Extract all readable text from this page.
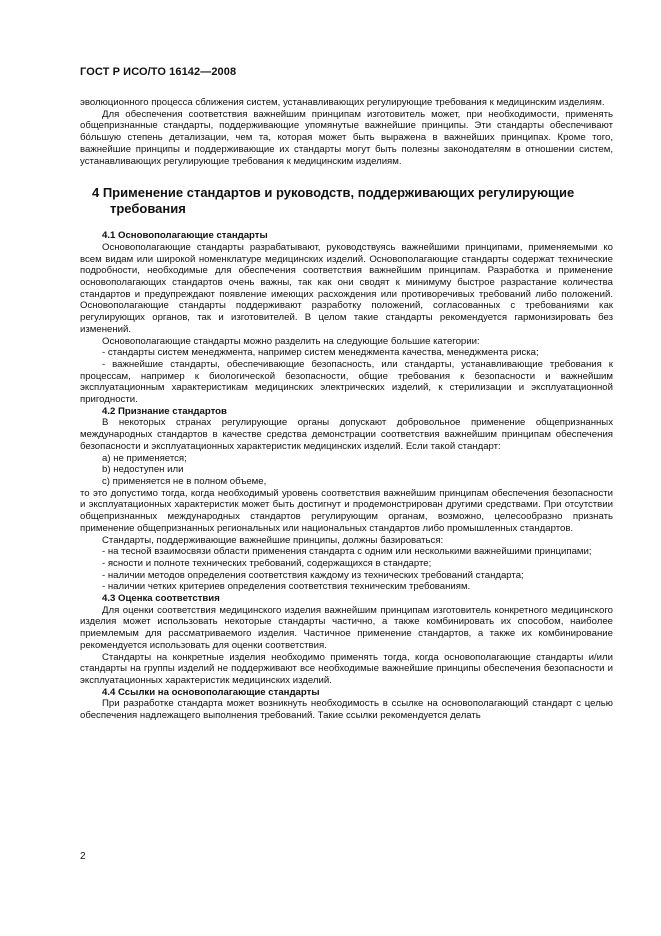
ГОСТ Р ИСО/ТО 16142—2008

эволюционного процесса сближения систем, устанавливающих регулирующие требования к медицинским изделиям.

Для обеспечения соответствия важнейшим принципам изготовитель может, при необходимости, применять общепризнанные стандарты, поддерживающие упомянутые важнейшие принципы. Эти стандарты обеспечивают бо́льшую степень детализации, чем та, которая может быть выражена в важнейших принципах. Кроме того, важнейшие принципы и поддерживающие их стандарты могут быть полезны законодателям в отношении систем, устанавливающих регулирующие требования к медицинским изделиям.

4 Применение стандартов и руководств, поддерживающих регулирующие требования

4.1 Основополагающие стандарты

Основополагающие стандарты разрабатывают, руководствуясь важнейшими принципами, применяемыми ко всем видам или широкой номенклатуре медицинских изделий. Основополагающие стандарты содержат технические подробности, необходимые для обеспечения соответствия важнейшим принципам. Разработка и применение основополагающих стандартов очень важны, так как они сводят к минимуму быстрое разрастание количества стандартов и предупреждают появление имеющих расхождения или противоречивых требований либо положений. Основополагающие стандарты поддерживают разработку положений, согласованных с требованиями как регулирующих органов, так и изготовителей. В целом такие стандарты рекомендуется гармонизировать без изменений.

Основополагающие стандарты можно разделить на следующие большие категории:

- стандарты систем менеджмента, например систем менеджмента качества, менеджмента риска;

- важнейшие стандарты, обеспечивающие безопасность, или стандарты, устанавливающие требования к процессам, например к биологической безопасности, общие требования к безопасности и важнейшим эксплуатационным характеристикам медицинских электрических изделий, к стерилизации и эксплуатационной пригодности.

4.2 Признание стандартов

В некоторых странах регулирующие органы допускают добровольное применение общепризнанных международных стандартов в качестве средства демонстрации соответствия важнейшим принципам обеспечения безопасности и эксплуатационных характеристик медицинских изделий. Если такой стандарт:

a) не применяется;

b) недоступен или

c) применяется не в полном объеме,

то это допустимо тогда, когда необходимый уровень соответствия важнейшим принципам обеспечения безопасности и эксплуатационных характеристик может быть достигнут и продемонстрирован другими средствами. При отсутствии общепризнанных международных стандартов регулирующим органам, возможно, целесообразно признать применение общепризнанных региональных или национальных стандартов либо промышленных стандартов.

Стандарты, поддерживающие важнейшие принципы, должны базироваться:

- на тесной взаимосвязи области применения стандарта с одним или несколькими важнейшими принципами;

- ясности и полноте технических требований, содержащихся в стандарте;

- наличии методов определения соответствия каждому из технических требований стандарта;

- наличии четких критериев определения соответствия техническим требованиям.

4.3 Оценка соответствия

Для оценки соответствия медицинского изделия важнейшим принципам изготовитель конкретного медицинского изделия может использовать некоторые стандарты частично, а также комбинировать их способом, наиболее приемлемым для рассматриваемого изделия. Частичное применение стандартов, а также их комбинирование рекомендуется использовать для оценки соответствия.

Стандарты на конкретные изделия необходимо применять тогда, когда основополагающие стандарты и/или стандарты на группы изделий не поддерживают все необходимые важнейшие принципы обеспечения безопасности и эксплуатационных характеристик медицинских изделий.

4.4 Ссылки на основополагающие стандарты

При разработке стандарта может возникнуть необходимость в ссылке на основополагающий стандарт с целью обеспечения надлежащего выполнения требований. Такие ссылки рекомендуется делать

2
